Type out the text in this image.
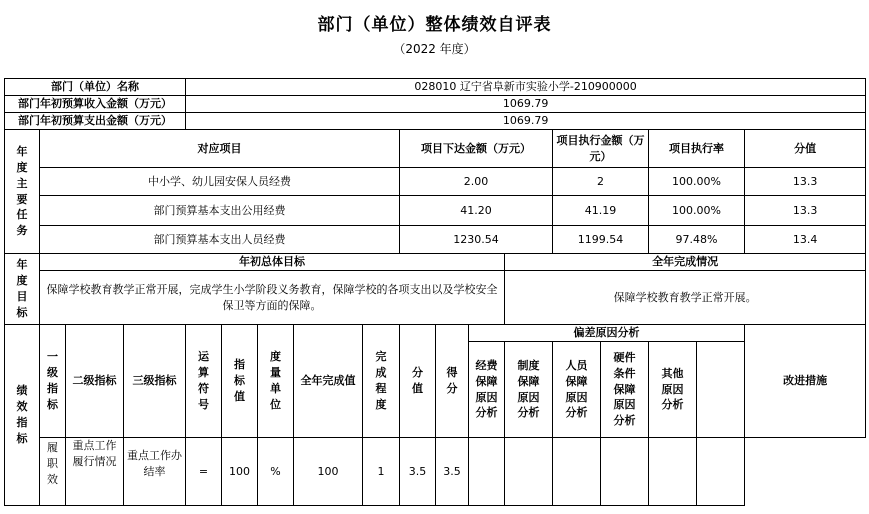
部门（单位）整体绩效自评表
（2022 年度）
部门（单位）名称				028010 辽宁省阜新市实验小学-210900000														
部门年初预算收入金额（万元）				1069.79														
部门年初预算支出金额（万元）				1069.79														
年度主要任务	对应项目								项目下达金额（万元）				项目执行金额（万元）		项目执行率		分值	
	中小学、幼儿园安保人员经费								2.00				2		100.00%		13.3	
	部门预算基本支出公用经费								41.20				41.19		100.00%		13.3	
	部门预算基本支出人员经费								1230.54				1199.54		97.48%		13.4	
年度目标	年初总体目标											全年完成情况						
	保障学校教育教学正常开展，完成学生小学阶段义务教育，保障学校的各项支出以及学校安全保卫等方面的保障。											保障学校教育教学正常开展。						
绩效指标	一级指标	二级指标	三级指标	运算符号	指标值	度量单位	全年完成值	完成程度	分值	得分	偏差原因分析						改进措施	
											经费保障原因分析	制度保障原因分析	人员保障原因分析	硬件条件保障原因分析	其他原因分析		
	履职效	重点工作履行情况	重点工作办结率	=	100	%	100	1	3.5	3.5								
